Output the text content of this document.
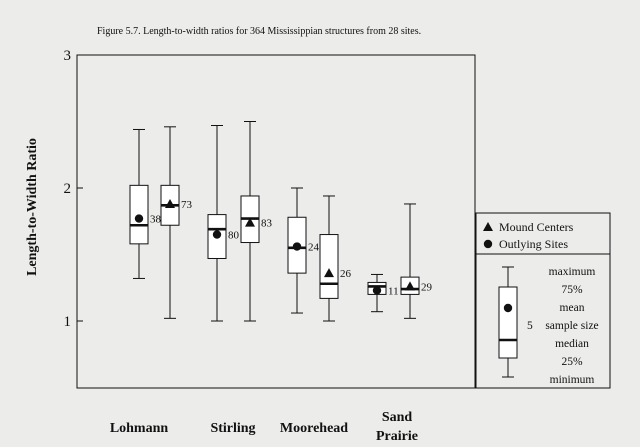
Figure 5.7. Length-to-width ratios for 364 Mississippian structures from 28 sites.
1
2
3
38
73
80
83
24
26
11 29
Lohmann	Stirling Moorehead
Sand
Prairie
Length-to-Width Ratio	Mound Centers
Outlying Sites
5
maximum
75%
mean
sample size
median
25%
minimum
